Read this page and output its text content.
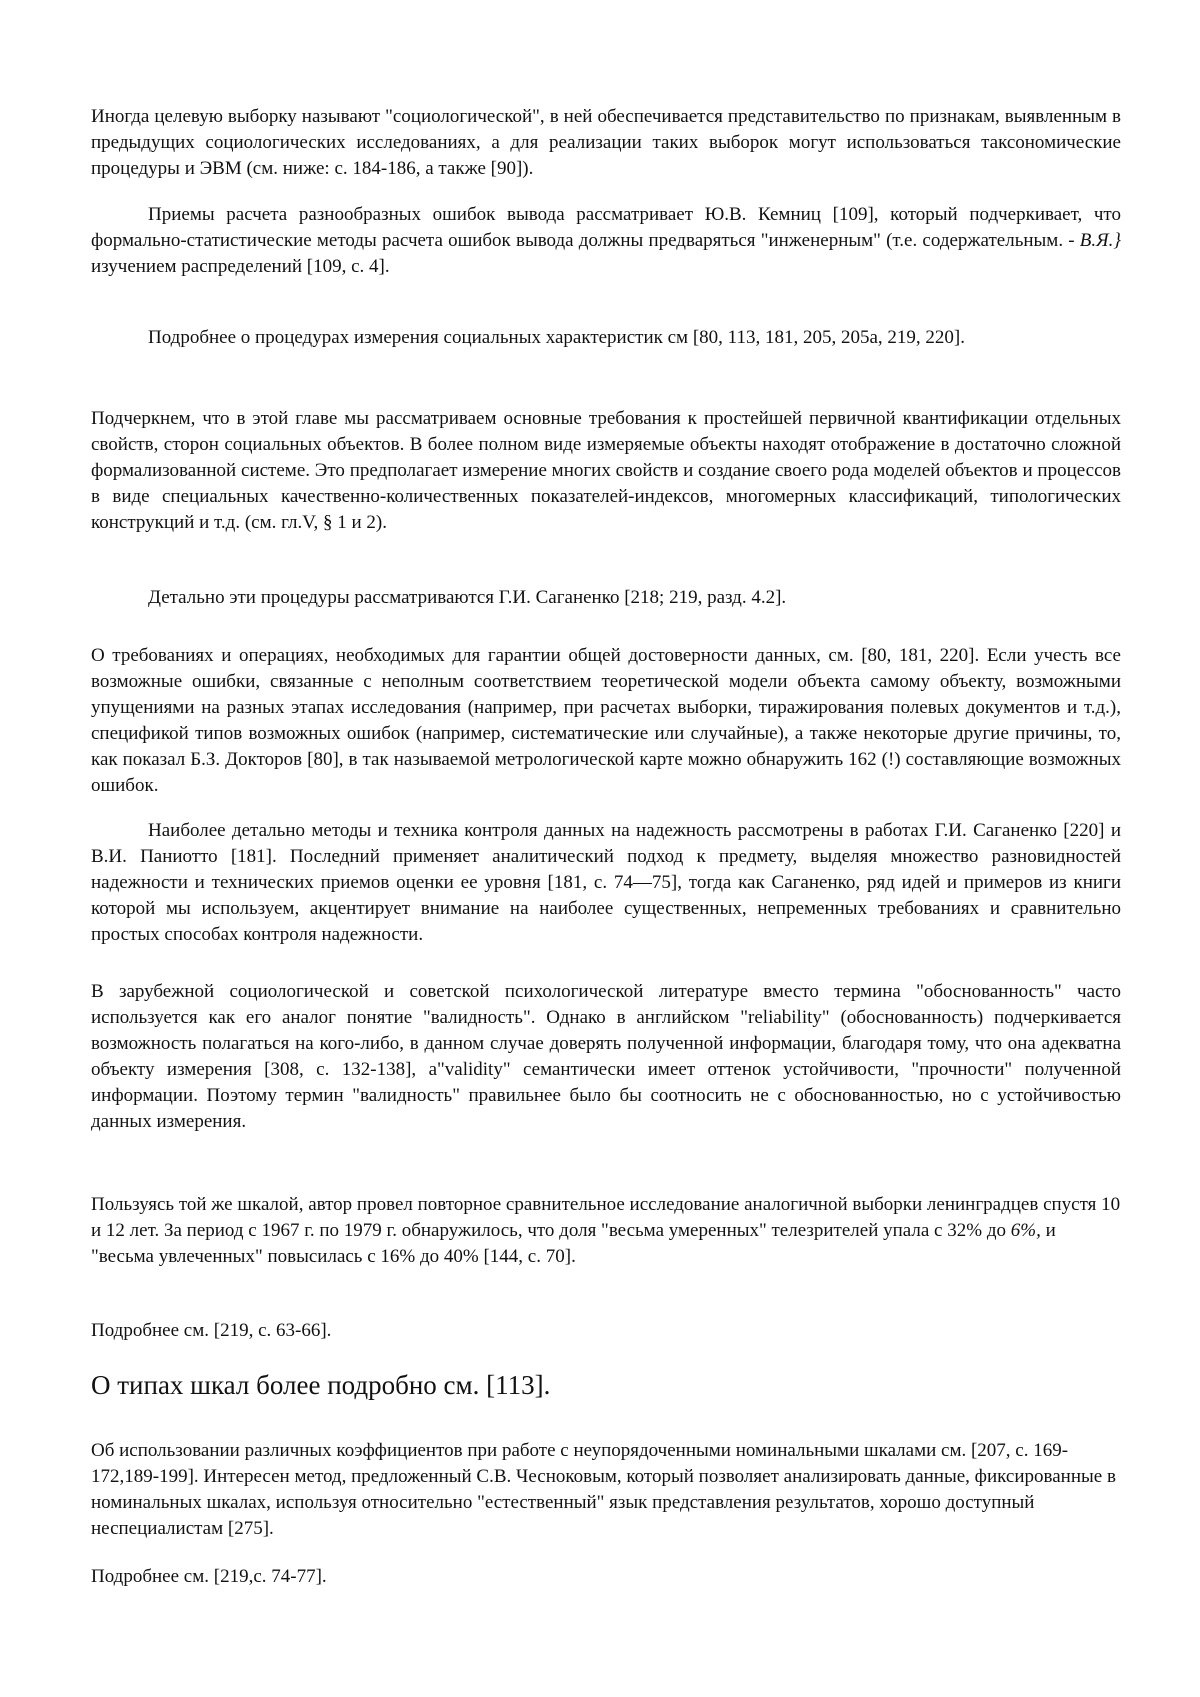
Иногда целевую выборку называют "социологической", в ней обеспечивается представительство по признакам, выявленным в предыдущих социологических исследованиях, а для реализации таких выборок могут использоваться таксономические процедуры и ЭВМ (см. ниже: с. 184-186, а также [90]).

Приемы расчета разнообразных ошибок вывода рассматривает Ю.В. Кемниц [109], который подчеркивает, что формально-статистические методы расчета ошибок вывода должны предваряться "инженерным" (т.е. содержательным. - В.Я.} изучением распределений [109, с. 4].

Подробнее о процедурах измерения социальных характеристик см [80, 113, 181, 205, 205а, 219, 220].

Подчеркнем, что в этой главе мы рассматриваем основные требования к простейшей первичной квантификации отдельных свойств, сторон социальных объектов. В более полном виде измеряемые объекты находят отображение в достаточно сложной формализованной системе. Это предполагает измерение многих свойств и создание своего рода моделей объектов и процессов в виде специальных качественно-количественных показателей-индексов, многомерных классификаций, типологических конструкций и т.д. (см. гл.V, § 1 и 2).

Детально эти процедуры рассматриваются Г.И. Саганенко [218; 219, разд. 4.2].

О требованиях и операциях, необходимых для гарантии общей достоверности данных, см. [80, 181, 220]. Если учесть все возможные ошибки, связанные с неполным соответствием теоретической модели объекта самому объекту, возможными упущениями на разных этапах исследования (например, при расчетах выборки, тиражирования полевых документов и т.д.), спецификой типов возможных ошибок (например, систематические или случайные), а также некоторые другие причины, то, как показал Б.З. Докторов [80], в так называемой метрологической карте можно обнаружить 162 (!) составляющие возможных ошибок.

Наиболее детально методы и техника контроля данных на надежность рассмотрены в работах Г.И. Саганенко [220] и В.И. Паниотто [181]. Последний применяет аналитический подход к предмету, выделяя множество разновидностей надежности и технических приемов оценки ее уровня [181, с. 74—75], тогда как Саганенко, ряд идей и примеров из книги которой мы используем, акцентирует внимание на наиболее существенных, непременных требованиях и сравнительно простых способах контроля надежности.

В зарубежной социологической и советской психологической литературе вместо термина "обоснованность" часто используется как его аналог понятие "валидность". Однако в английском "reliability" (обоснованность) подчеркивается возможность полагаться на кого-либо, в данном случае доверять полученной информации, благодаря тому, что она адекватна объекту измерения [308, с. 132-138], а"validity" семантически имеет оттенок устойчивости, "прочности" полученной информации. Поэтому термин "валидность" правильнее было бы соотносить не с обоснованностью, но с устойчивостью данных измерения.

Пользуясь той же шкалой, автор провел повторное сравнительное исследование аналогичной выборки ленинградцев спустя 10 и 12 лет. За период с 1967 г. по 1979 г. обнаружилось, что доля "весьма умеренных" телезрителей упала с 32% до 6%, и "весьма увлеченных" повысилась с 16% до 40% [144, с. 70].

Подробнее см. [219, с. 63-66].

О типах шкал более подробно см. [113].

Об использовании различных коэффициентов при работе с неупорядоченными номинальными шкалами см. [207, с. 169-172,189-199]. Интересен метод, предложенный С.В. Чесноковым, который позволяет анализировать данные, фиксированные в номинальных шкалах, используя относительно "естественный" язык представления результатов, хорошо доступный неспециалистам [275].

Подробнее см. [219,с. 74-77].
